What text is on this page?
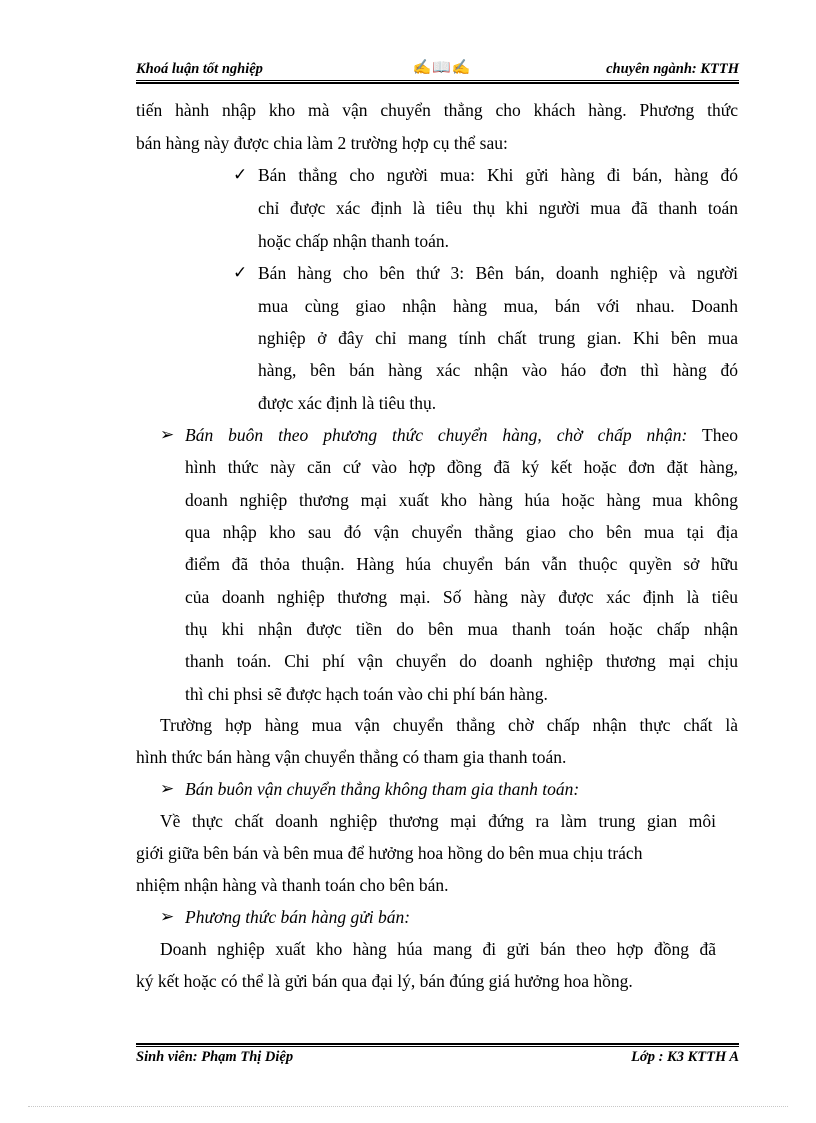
Khoá luận tốt nghiệp	✍📖✍	chuyên ngành: KTTH
tiến hành nhập kho mà vận chuyển thẳng cho khách hàng. Phương thức
bán hàng này được chia làm 2 trường hợp cụ thể sau:
✓ Bán thẳng cho người mua: Khi gửi hàng đi bán, hàng đó
chỉ được xác định là tiêu thụ khi người mua đã thanh toán
hoặc chấp nhận thanh toán.
✓ Bán hàng cho bên thứ 3: Bên bán, doanh nghiệp và người
mua cùng giao nhận hàng mua, bán với nhau. Doanh
nghiệp ở đây chỉ mang tính chất trung gian. Khi bên mua
hàng, bên bán hàng xác nhận vào háo đơn thì hàng đó
được xác định là tiêu thụ.
➢ Bán buôn theo phương thức chuyển hàng, chờ chấp nhận: Theo
hình thức này căn cứ vào hợp đồng đã ký kết hoặc đơn đặt hàng,
doanh nghiệp thương mại xuất kho hàng húa hoặc hàng mua không
qua nhập kho sau đó vận chuyển thẳng giao cho bên mua tại địa
điểm đã thỏa thuận. Hàng húa chuyển bán vẫn thuộc quyền sở hữu
của doanh nghiệp thương mại. Số hàng này được xác định là tiêu
thụ khi nhận được tiền do bên mua thanh toán hoặc chấp nhận
thanh toán. Chi phí vận chuyển do doanh nghiệp thương mại chịu
thì chi phsi sẽ được hạch toán vào chi phí bán hàng.
Trường hợp hàng mua vận chuyển thẳng chờ chấp nhận thực chất là
hình thức bán hàng vận chuyển thẳng có tham gia thanh toán.
➢ Bán buôn vận chuyển thẳng không tham gia thanh toán:
Về thực chất doanh nghiệp thương mại đứng ra làm trung gian môi
giới giữa bên bán và bên mua để hưởng hoa hồng do bên mua chịu trách
nhiệm nhận hàng và thanh toán cho bên bán.
➢ Phương thức bán hàng gửi bán:
Doanh nghiệp xuất kho hàng húa mang đi gửi bán theo hợp đồng đã
ký kết hoặc có thể là gửi bán qua đại lý, bán đúng giá hưởng hoa hồng.
Sinh viên: Phạm Thị Diệp	Lớp : K3 KTTH A
